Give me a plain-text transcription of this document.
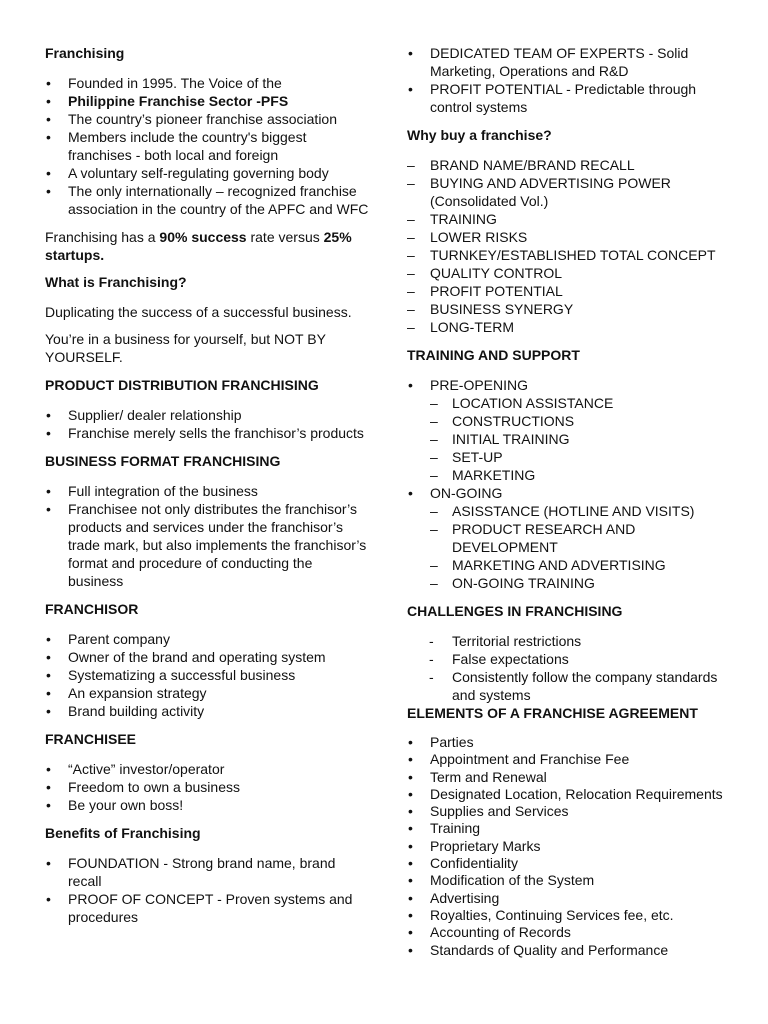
Franchising
•	Founded in 1995. The Voice of the
•	Philippine Franchise Sector -PFS
•	The country’s pioneer franchise association
•	Members include the country's biggest franchises - both local and foreign
•	A voluntary self-regulating governing body
•	The only internationally – recognized franchise association in the country of the APFC and WFC

Franchising has a 90% success rate versus 25% startups.

What is Franchising?

Duplicating the success of a successful business.

You’re in a business for yourself, but NOT BY YOURSELF.

PRODUCT DISTRIBUTION FRANCHISING
•	Supplier/ dealer relationship
•	Franchise merely sells the franchisor’s products
BUSINESS FORMAT FRANCHISING
•	Full integration of the business
•	Franchisee not only distributes the franchisor’s products and services under the franchisor’s trade mark, but also implements the franchisor’s format and procedure of conducting the business
FRANCHISOR
•	Parent company
•	Owner of the brand and operating system
•	Systematizing a successful business
•	An expansion strategy
•	Brand building activity
FRANCHISEE
•	“Active” investor/operator
•	Freedom to own a business
•	Be your own boss!
Benefits of Franchising
•	FOUNDATION - Strong brand name, brand recall
•	PROOF OF CONCEPT - Proven systems and procedures
•	DEDICATED TEAM OF EXPERTS - Solid Marketing, Operations and R&D
•	PROFIT POTENTIAL - Predictable through control systems
Why buy a franchise?
–	BRAND NAME/BRAND RECALL
–	BUYING AND ADVERTISING POWER (Consolidated Vol.)
–	TRAINING
–	LOWER RISKS
–	TURNKEY/ESTABLISHED TOTAL CONCEPT
–	QUALITY CONTROL
–	PROFIT POTENTIAL
–	BUSINESS SYNERGY
–	LONG-TERM
TRAINING AND SUPPORT
•	PRE-OPENING
– LOCATION ASSISTANCE
– CONSTRUCTIONS
– INITIAL TRAINING
– SET-UP
– MARKETING
•	ON-GOING
– ASISSTANCE (HOTLINE AND VISITS)
– PRODUCT RESEARCH AND DEVELOPMENT
– MARKETING AND ADVERTISING
– ON-GOING TRAINING
CHALLENGES IN FRANCHISING
-	Territorial restrictions
-	False expectations
-	Consistently follow the company standards and systems
ELEMENTS OF A FRANCHISE AGREEMENT
•	Parties
•	Appointment and Franchise Fee
•	Term and Renewal
•	Designated Location, Relocation Requirements
•	Supplies and Services
•	Training
•	Proprietary Marks
•	Confidentiality
•	Modification of the System
•	Advertising
•	Royalties, Continuing Services fee, etc.
•	Accounting of Records
•	Standards of Quality and Performance
